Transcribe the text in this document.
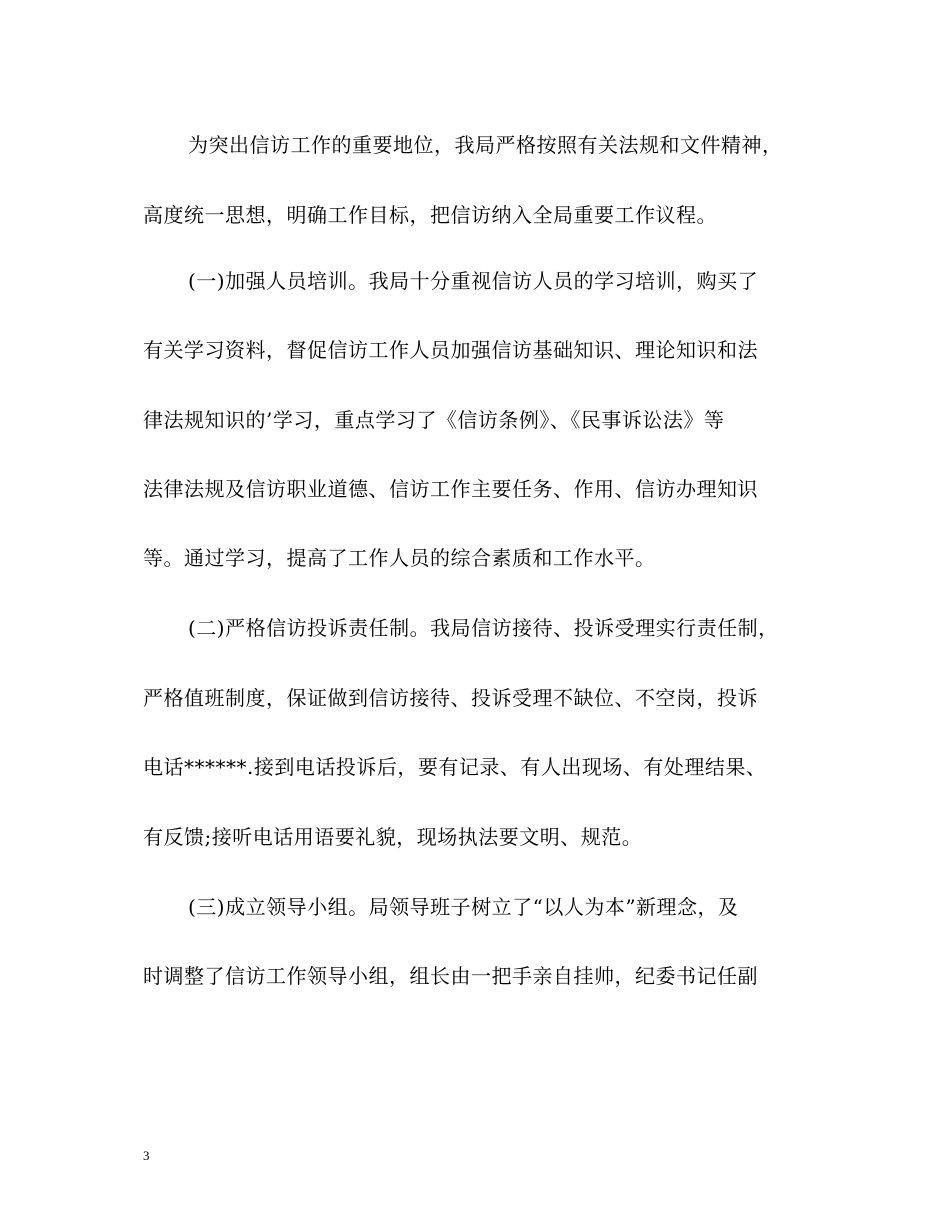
为突出信访工作的重要地位，我局严格按照有关法规和文件精神，
高度统一思想，明确工作目标，把信访纳入全局重要工作议程。
(一)加强人员培训。我局十分重视信访人员的学习培训，购买了
有关学习资料，督促信访工作人员加强信访基础知识、理论知识和法
律法规知识的’学习，重点学习了《信访条例》、《民事诉讼法》等
法律法规及信访职业道德、信访工作主要任务、作用、信访办理知识
等。通过学习，提高了工作人员的综合素质和工作水平。
(二)严格信访投诉责任制。我局信访接待、投诉受理实行责任制，
严格值班制度，保证做到信访接待、投诉受理不缺位、不空岗，投诉
电话******.接到电话投诉后，要有记录、有人出现场、有处理结果、
有反馈;接听电话用语要礼貌，现场执法要文明、规范。
(三)成立领导小组。局领导班子树立了“以人为本”新理念，及
时调整了信访工作领导小组，组长由一把手亲自挂帅，纪委书记任副
3
